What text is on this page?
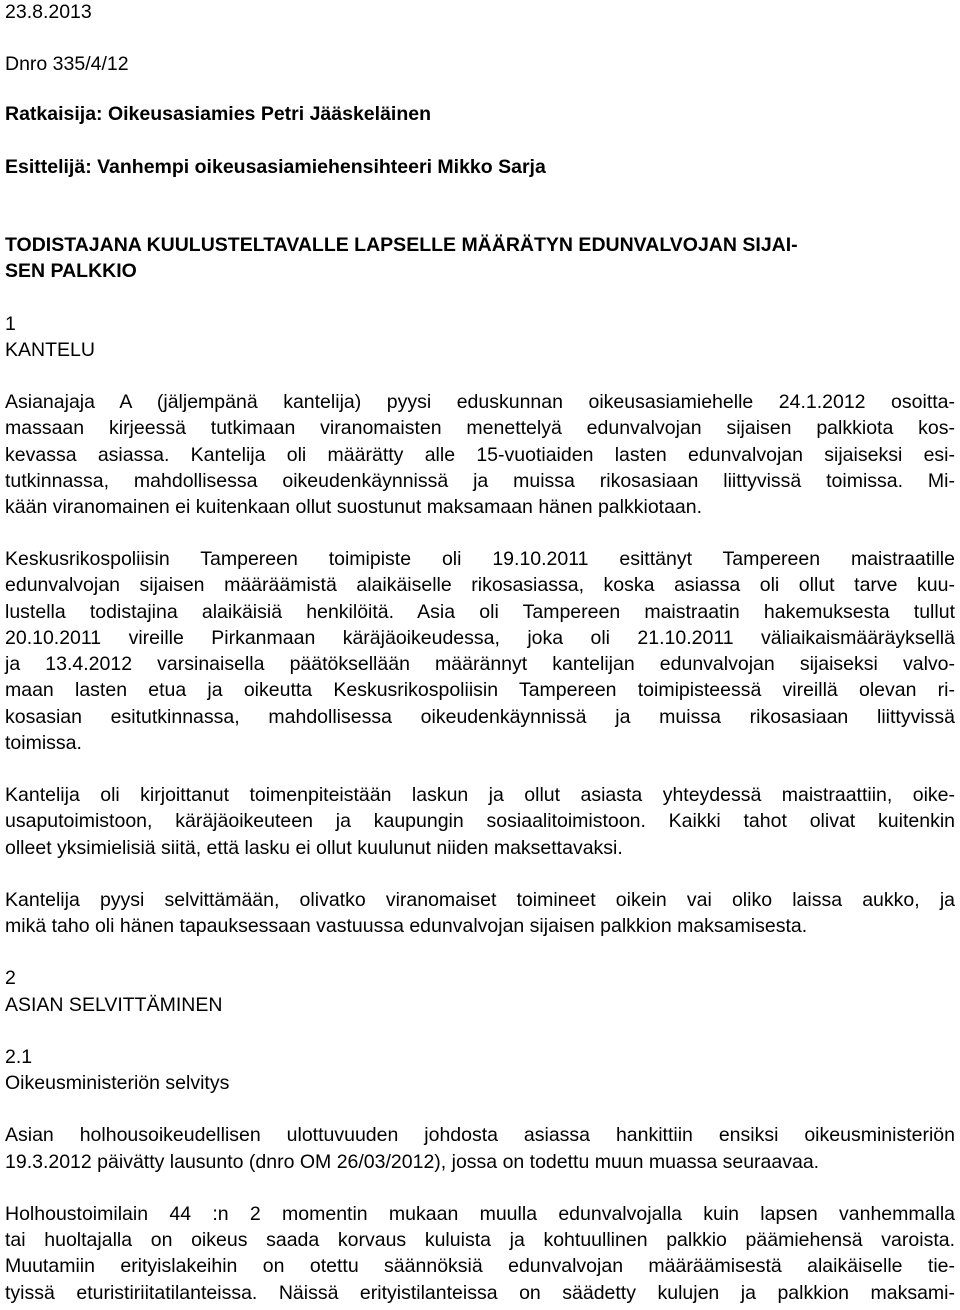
23.8.2013
Dnro 335/4/12
Ratkaisija: Oikeusasiamies Petri Jääskeläinen
Esittelijä: Vanhempi oikeusasiamiehensihteeri Mikko Sarja
TODISTAJANA KUULUSTELTAVALLE LAPSELLE MÄÄRÄTYN EDUNVALVOJAN SIJAI-
SEN PALKKIO
1
KANTELU
Asianajaja A (jäljempänä kantelija) pyysi eduskunnan oikeusasiamiehelle 24.1.2012 osoitta-
massaan kirjeessä tutkimaan viranomaisten menettelyä edunvalvojan sijaisen palkkiota kos-
kevassa asiassa. Kantelija oli määrätty alle 15-vuotiaiden lasten edunvalvojan sijaiseksi esi-
tutkinnassa, mahdollisessa oikeudenkäynnissä ja muissa rikosasiaan liittyvissä toimissa. Mi-
kään viranomainen ei kuitenkaan ollut suostunut maksamaan hänen palkkiotaan.
Keskusrikospoliisin Tampereen toimipiste oli 19.10.2011 esittänyt Tampereen maistraatille
edunvalvojan sijaisen määräämistä alaikäiselle rikosasiassa, koska asiassa oli ollut tarve kuu-
lustella todistajina alaikäisiä henkilöitä. Asia oli Tampereen maistraatin hakemuksesta tullut
20.10.2011 vireille Pirkanmaan käräjäoikeudessa, joka oli 21.10.2011 väliaikaismääräyksellä
ja 13.4.2012 varsinaisella päätöksellään määrännyt kantelijan edunvalvojan sijaiseksi valvo-
maan lasten etua ja oikeutta Keskusrikospoliisin Tampereen toimipisteessä vireillä olevan ri-
kosasian esitutkinnassa, mahdollisessa oikeudenkäynnissä ja muissa rikosasiaan liittyvissä
toimissa.
Kantelija oli kirjoittanut toimenpiteistään laskun ja ollut asiasta yhteydessä maistraattiin, oike-
usaputoimistoon, käräjäoikeuteen ja kaupungin sosiaalitoimistoon. Kaikki tahot olivat kuitenkin
olleet yksimielisiä siitä, että lasku ei ollut kuulunut niiden maksettavaksi.
Kantelija pyysi selvittämään, olivatko viranomaiset toimineet oikein vai oliko laissa aukko, ja
mikä taho oli hänen tapauksessaan vastuussa edunvalvojan sijaisen palkkion maksamisesta.
2
ASIAN SELVITTÄMINEN
2.1
Oikeusministeriön selvitys
Asian holhousoikeudellisen ulottuvuuden johdosta asiassa hankittiin ensiksi oikeusministeriön
19.3.2012 päivätty lausunto (dnro OM 26/03/2012), jossa on todettu muun muassa seuraavaa.
Holhoustoimilain 44 :n 2 momentin mukaan muulla edunvalvojalla kuin lapsen vanhemmalla
tai huoltajalla on oikeus saada korvaus kuluista ja kohtuullinen palkkio päämiehensä varoista.
Muutamiin erityislakeihin on otettu säännöksiä edunvalvojan määräämisestä alaikäiselle tie-
tyissä eturistiriitatilanteissa. Näissä erityistilanteissa on säädetty kulujen ja palkkion maksami-
